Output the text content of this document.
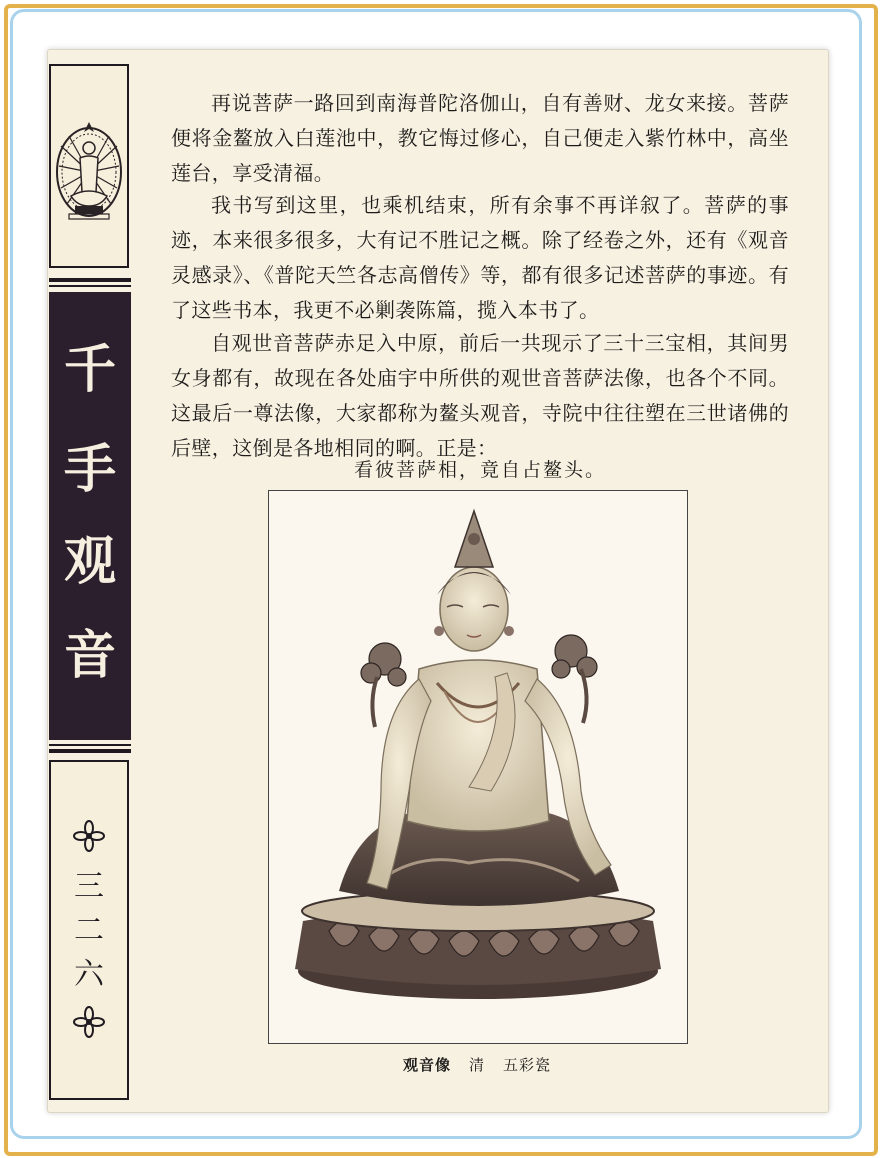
千
手
观
音
三
二
六

再说菩萨一路回到南海普陀洛伽山，自有善财、龙女来接。菩萨便将金鳌放入白莲池中，教它悔过修心，自己便走入紫竹林中，高坐莲台，享受清福。

我书写到这里，也乘机结束，所有余事不再详叙了。菩萨的事迹，本来很多很多，大有记不胜记之概。除了经卷之外，还有《观音灵感录》、《普陀天竺各志高僧传》等，都有很多记述菩萨的事迹。有了这些书本，我更不必剿袭陈篇，揽入本书了。

自观世音菩萨赤足入中原，前后一共现示了三十三宝相，其间男女身都有，故现在各处庙宇中所供的观世音菩萨法像，也各个不同。这最后一尊法像，大家都称为鳌头观音，寺院中往往塑在三世诸佛的后壁，这倒是各地相同的啊。正是：

看彼菩萨相，竟自占鳌头。
观音像 清 五彩瓷
